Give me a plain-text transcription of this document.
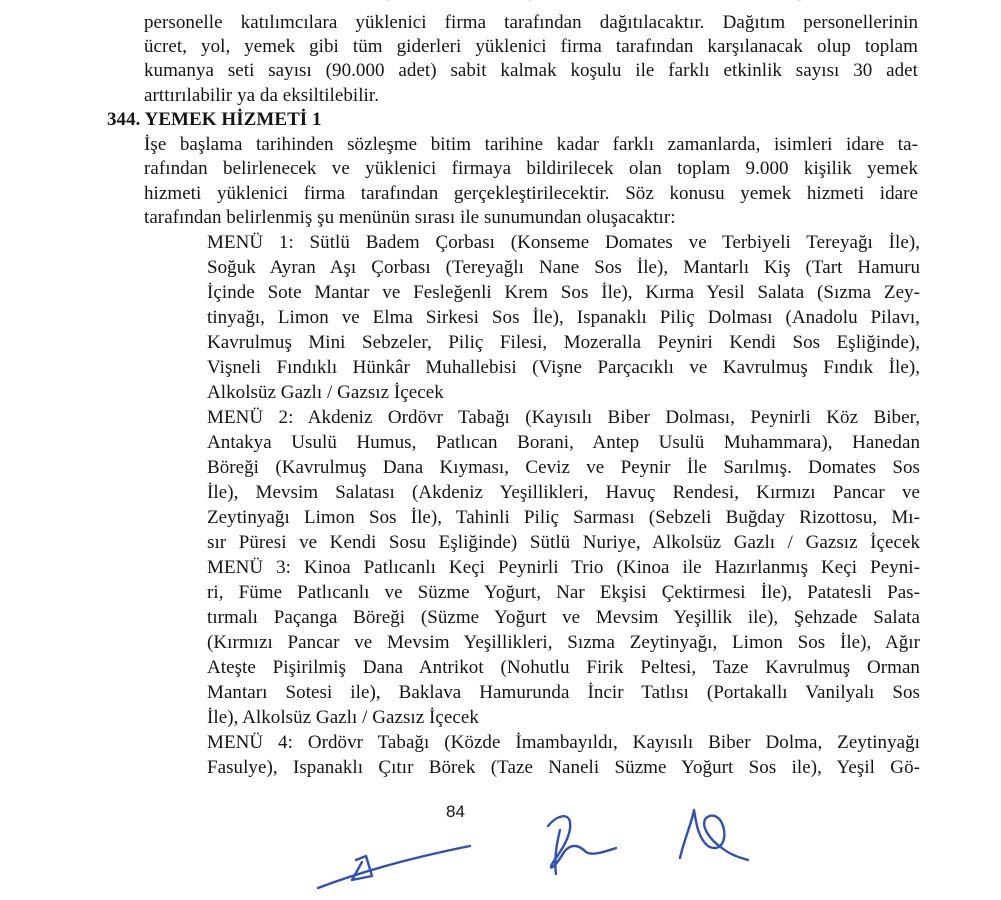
personelle katılımcılara yüklenici firma tarafından dağıtılacaktır. Dağıtım personellerinin
ücret, yol, yemek gibi tüm giderleri yüklenici firma tarafından karşılanacak olup toplam
kumanya seti sayısı (90.000 adet) sabit kalmak koşulu ile farklı etkinlik sayısı 30 adet
arttırılabilir ya da eksiltilebilir.
344. YEMEK HİZMETİ 1
İşe başlama tarihinden sözleşme bitim tarihine kadar farklı zamanlarda, isimleri idare ta-
rafından belirlenecek ve yüklenici firmaya bildirilecek olan toplam 9.000 kişilik yemek
hizmeti yüklenici firma tarafından gerçekleştirilecektir. Söz konusu yemek hizmeti idare
tarafından belirlenmiş şu menünün sırası ile sunumundan oluşacaktır:
MENÜ 1: Sütlü Badem Çorbası (Konseme Domates ve Terbiyeli Tereyağı İle),
Soğuk Ayran Aşı Çorbası (Tereyağlı Nane Sos İle), Mantarlı Kiş (Tart Hamuru
İçinde Sote Mantar ve Fesleğenli Krem Sos İle), Kırma Yesil Salata (Sızma Zey-
tinyağı, Limon ve Elma Sirkesi Sos İle), Ispanaklı Piliç Dolması (Anadolu Pilavı,
Kavrulmuş Mini Sebzeler, Piliç Filesi, Mozeralla Peyniri Kendi Sos Eşliğinde),
Vişneli Fındıklı Hünkâr Muhallebisi (Vişne Parçacıklı ve Kavrulmuş Fındık İle),
Alkolsüz Gazlı / Gazsız İçecek
MENÜ 2: Akdeniz Ordövr Tabağı (Kayısılı Biber Dolması, Peynirli Köz Biber,
Antakya Usulü Humus, Patlıcan Borani, Antep Usulü Muhammara), Hanedan
Böreği (Kavrulmuş Dana Kıyması, Ceviz ve Peynir İle Sarılmış. Domates Sos
İle), Mevsim Salatası (Akdeniz Yeşillikleri, Havuç Rendesi, Kırmızı Pancar ve
Zeytinyağı Limon Sos İle), Tahinli Piliç Sarması (Sebzeli Buğday Rizottosu, Mı-
sır Püresi ve Kendi Sosu Eşliğinde) Sütlü Nuriye, Alkolsüz Gazlı / Gazsız İçecek
MENÜ 3: Kinoa Patlıcanlı Keçi Peynirli Trio (Kinoa ile Hazırlanmış Keçi Peyni-
ri, Füme Patlıcanlı ve Süzme Yoğurt, Nar Ekşisi Çektirmesi İle), Patatesli Pas-
tırmalı Paçanga Böreği (Süzme Yoğurt ve Mevsim Yeşillik ile), Şehzade Salata
(Kırmızı Pancar ve Mevsim Yeşillikleri, Sızma Zeytinyağı, Limon Sos İle), Ağır
Ateşte Pişirilmiş Dana Antrikot (Nohutlu Firik Peltesi, Taze Kavrulmuş Orman
Mantarı Sotesi ile), Baklava Hamurunda İncir Tatlısı (Portakallı Vanilyalı Sos
İle), Alkolsüz Gazlı / Gazsız İçecek
MENÜ 4: Ordövr Tabağı (Közde İmambayıldı, Kayısılı Biber Dolma, Zeytinyağı
Fasulye), Ispanaklı Çıtır Börek (Taze Naneli Süzme Yoğurt Sos ile), Yeşil Gö-
84
